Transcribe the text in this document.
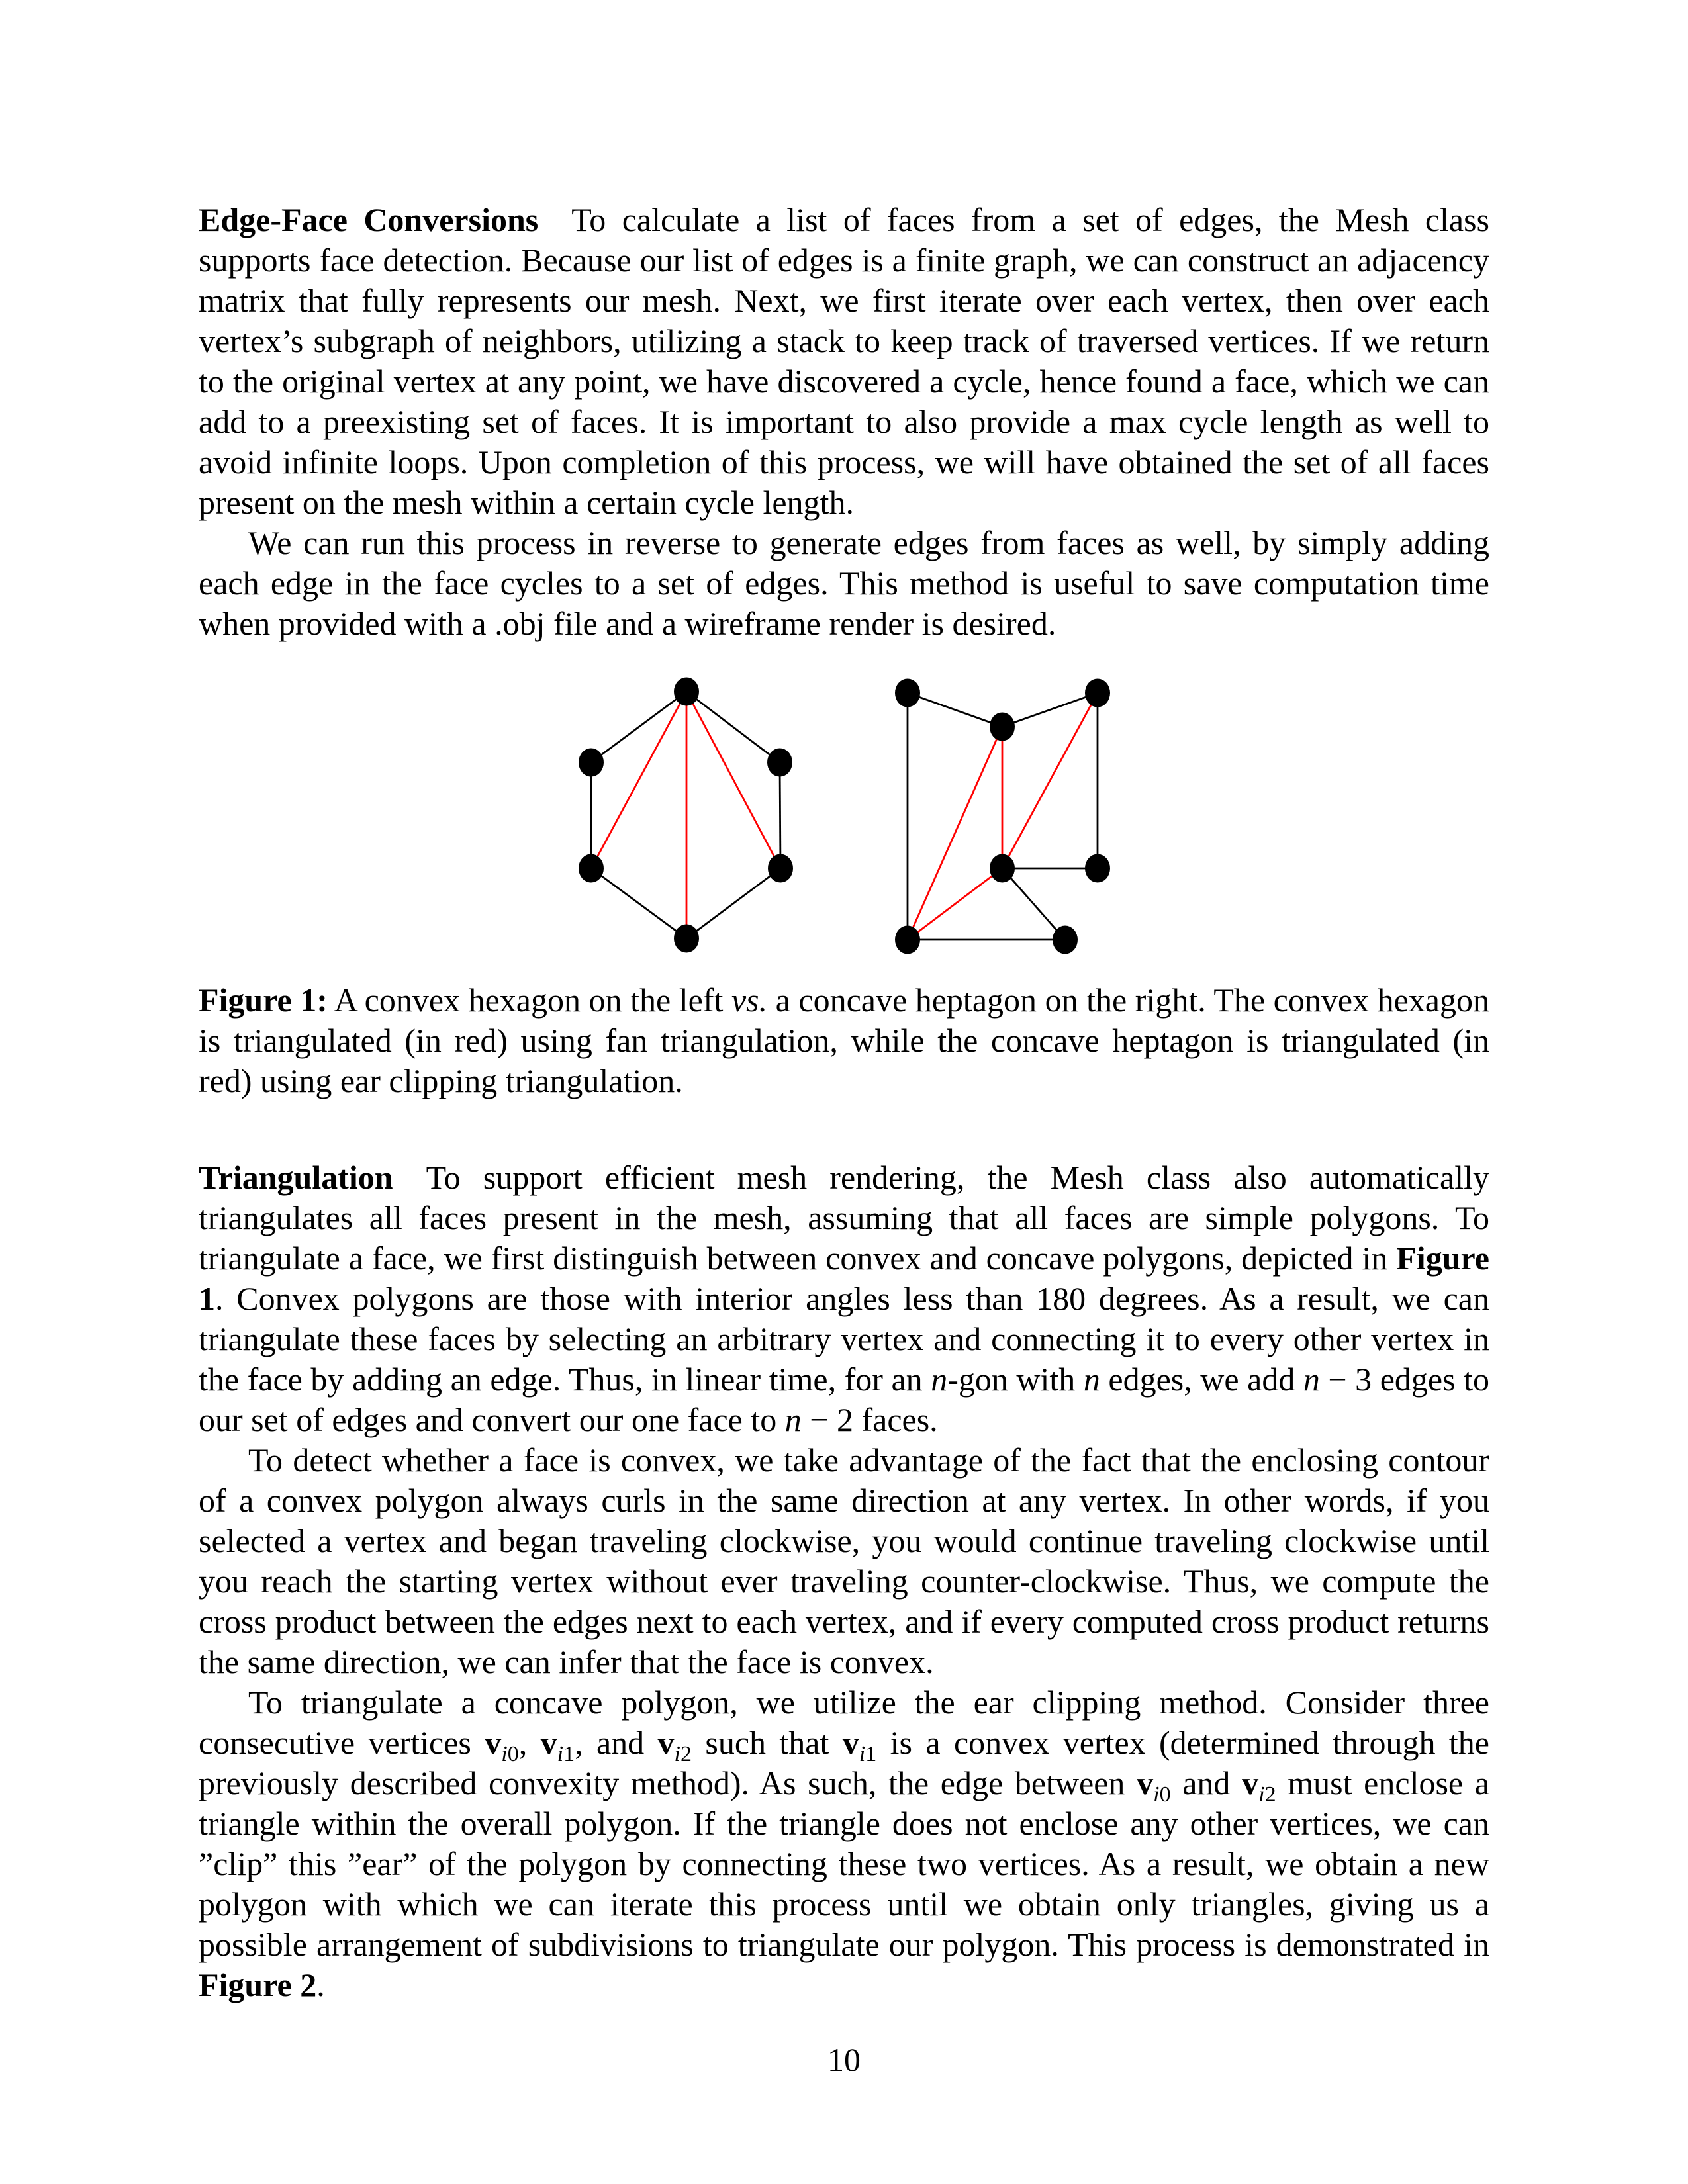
Edge-Face Conversions To calculate a list of faces from a set of edges, the Mesh class supports face detection. Because our list of edges is a finite graph, we can construct an adjacency matrix that fully represents our mesh. Next, we first iterate over each vertex, then over each vertex’s subgraph of neighbors, utilizing a stack to keep track of traversed vertices. If we return to the original vertex at any point, we have discovered a cycle, hence found a face, which we can add to a preexisting set of faces. It is important to also provide a max cycle length as well to avoid infinite loops. Upon completion of this process, we will have obtained the set of all faces present on the mesh within a certain cycle length.

We can run this process in reverse to generate edges from faces as well, by simply adding each edge in the face cycles to a set of edges. This method is useful to save computation time when provided with a .obj file and a wireframe render is desired.

Figure 1: A convex hexagon on the left vs. a concave heptagon on the right. The convex hexagon is triangulated (in red) using fan triangulation, while the concave heptagon is triangulated (in red) using ear clipping triangulation.

Triangulation To support efficient mesh rendering, the Mesh class also automatically triangulates all faces present in the mesh, assuming that all faces are simple polygons. To triangulate a face, we first distinguish between convex and concave polygons, depicted in Figure 1. Convex polygons are those with interior angles less than 180 degrees. As a result, we can triangulate these faces by selecting an arbitrary vertex and connecting it to every other vertex in the face by adding an edge. Thus, in linear time, for an n-gon with n edges, we add n − 3 edges to our set of edges and convert our one face to n − 2 faces.

To detect whether a face is convex, we take advantage of the fact that the enclosing contour of a convex polygon always curls in the same direction at any vertex. In other words, if you selected a vertex and began traveling clockwise, you would continue traveling clockwise until you reach the starting vertex without ever traveling counter-clockwise. Thus, we compute the cross product between the edges next to each vertex, and if every computed cross product returns the same direction, we can infer that the face is convex.

To triangulate a concave polygon, we utilize the ear clipping method. Consider three consecutive vertices $v_{i0}$, $v_{i1}$, and $v_{i2}$ such that $v_{i1}$ is a convex vertex (determined through the previously described convexity method). As such, the edge between $v_{i0}$ and $v_{i2}$ must enclose a triangle within the overall polygon. If the triangle does not enclose any other vertices, we can ”clip” this ”ear” of the polygon by connecting these two vertices. As a result, we obtain a new polygon with which we can iterate this process until we obtain only triangles, giving us a possible arrangement of subdivisions to triangulate our polygon. This process is demonstrated in Figure 2.

10
